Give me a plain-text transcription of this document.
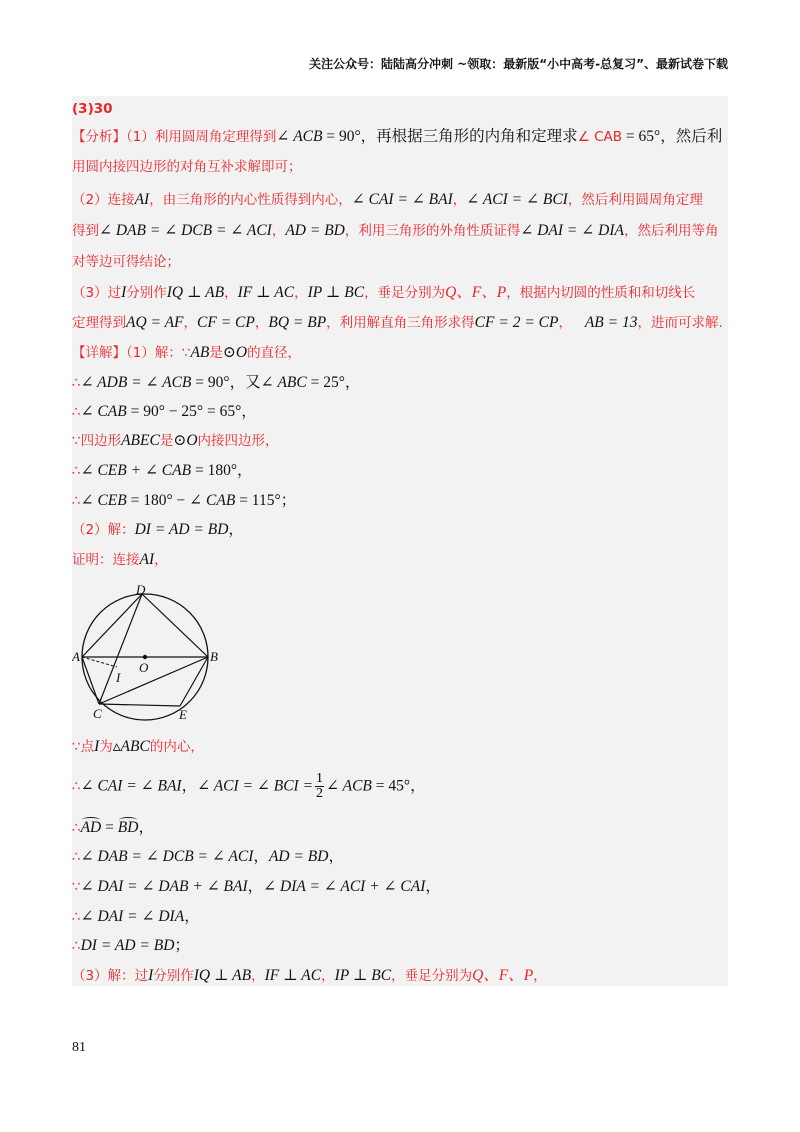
关注公众号：陆陆高分冲刺 ~领取：最新版“小中高考-总复习”、最新试卷下载
(3)30
【分析】（1）利用圆周角定理得到∠ ACB = 90°，再根据三角形的内角和定理求∠ CAB = 65°，然后利
用圆内接四边形的对角互补求解即可；
（2）连接AI，由三角形的内心性质得到内心，∠ CAI = ∠ BAI，∠ ACI = ∠ BCI，然后利用圆周角定理
得到∠ DAB = ∠ DCB = ∠ ACI，AD = BD，利用三角形的外角性质证得∠ DAI = ∠ DIA，然后利用等角
对等边可得结论；
（3）过I分别作IQ ⊥ AB，IF ⊥ AC，IP ⊥ BC，垂足分别为Q、F、P，根据内切圆的性质和和切线长
定理得到AQ = AF，CF = CP，BQ = BP，利用解直角三角形求得CF = 2 = CP， AB = 13，进而可求解.
【详解】（1）解：∵AB是⊙O的直径，
∴∠ ADB = ∠ ACB = 90°，又∠ ABC = 25°，
∴∠ CAB = 90° − 25° = 65°，
∵四边形ABEC是⊙O内接四边形，
∴∠ CEB + ∠ CAB = 180°，
∴∠ CEB = 180° − ∠ CAB = 115°；
（2）解：DI = AD = BD，
证明：连接AI，
D
A	B
O
I
C	E
∵点I为▵ABC的内心，
∴∠ CAI = ∠ BAI，∠ ACI = ∠ BCI = $\frac{1}{2}$ ∠ ACB = 45°，
∴AD = BD，
∴∠ DAB = ∠ DCB = ∠ ACI，AD = BD，
∵∠ DAI = ∠ DAB + ∠ BAI，∠ DIA = ∠ ACI + ∠ CAI，
∴∠ DAI = ∠ DIA，
∴DI = AD = BD；
（3）解：过I分别作IQ ⊥ AB，IF ⊥ AC，IP ⊥ BC，垂足分别为Q、F、P，
81
